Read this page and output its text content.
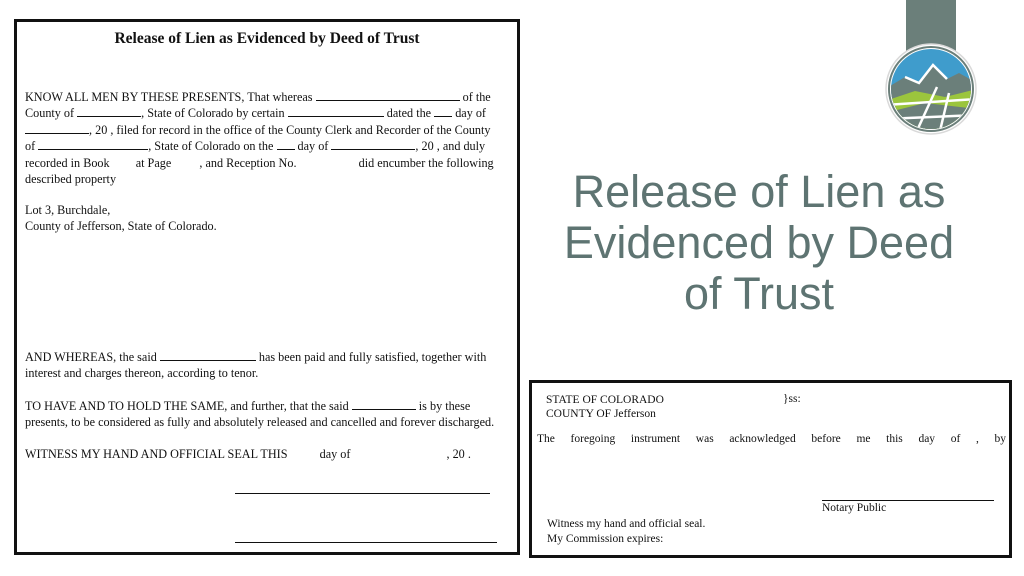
Release of Lien as Evidenced by Deed of Trust
KNOW ALL MEN BY THESE PRESENTS, That whereas	of the
County of	, State of Colorado by certain	dated the day of
, 20 , filed for record in the office of the County Clerk and Recorder of the County
of	, State of Colorado on the day of	, 20 , and duly
recorded in Book at Page , and Reception No.	did encumber the following
described property
Lot 3, Burchdale,
County of Jefferson, State of Colorado.
AND WHEREAS, the said	has been paid and fully satisfied, together with
interest and charges thereon, according to tenor.
TO HAVE AND TO HOLD THE SAME, and further, that the said	is by these
presents, to be considered as fully and absolutely released and cancelled and forever discharged.
WITNESS MY HAND AND OFFICIAL SEAL THIS	day of	, 20 .
STATE OF COLORADO
COUNTY OF Jefferson
}ss:
The foregoing instrument was acknowledged before me this day of , by
Notary Public
Witness my hand and official seal.
My Commission expires:
Release of Lien as
Evidenced by Deed
of Trust
